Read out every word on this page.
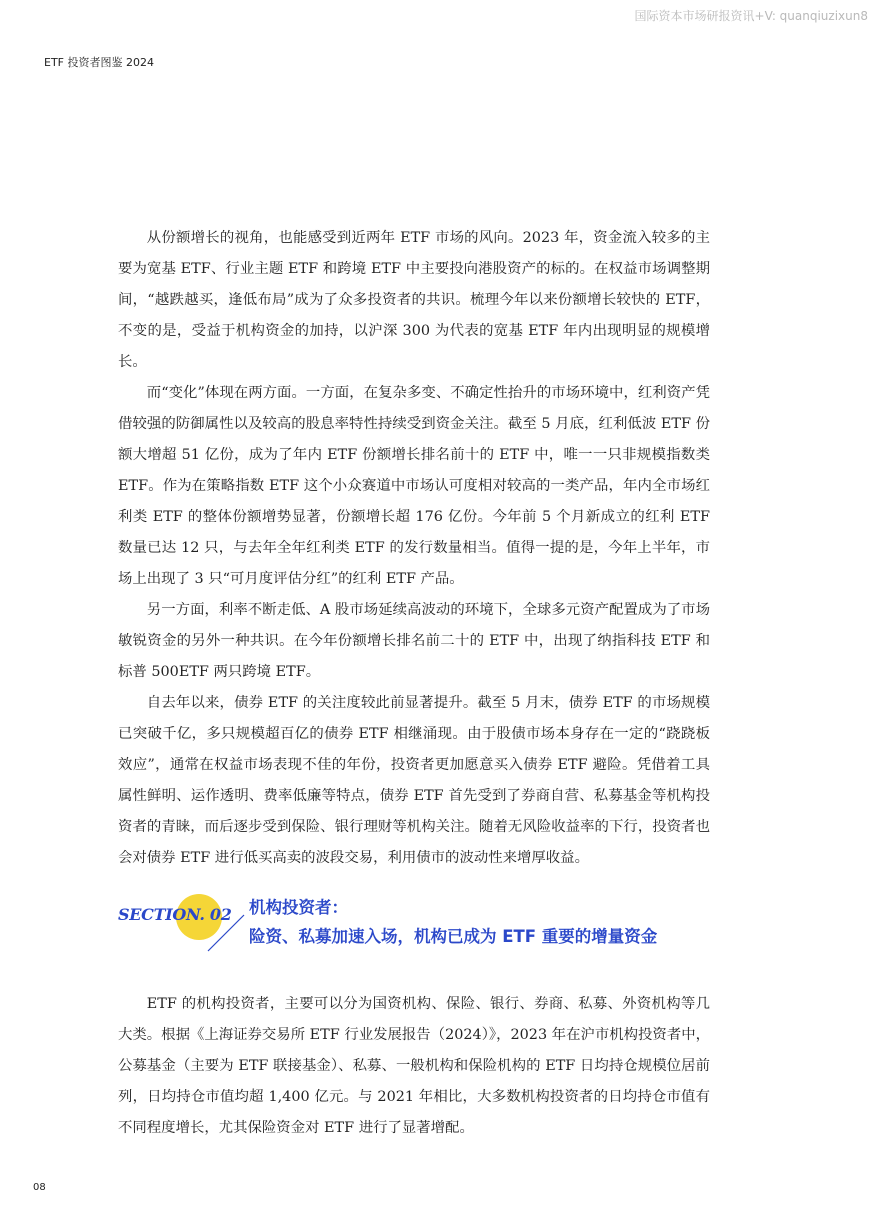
国际资本市场研报资讯+V: quanqiuzixun8
ETF 投资者图鉴 2024

从份额增长的视角，也能感受到近两年 ETF 市场的风向。2023 年，资金流入较多的主要为宽基 ETF、行业主题 ETF 和跨境 ETF 中主要投向港股资产的标的。在权益市场调整期间，“越跌越买，逢低布局”成为了众多投资者的共识。梳理今年以来份额增长较快的 ETF，不变的是，受益于机构资金的加持，以沪深 300 为代表的宽基 ETF 年内出现明显的规模增长。

而“变化”体现在两方面。一方面，在复杂多变、不确定性抬升的市场环境中，红利资产凭借较强的防御属性以及较高的股息率特性持续受到资金关注。截至 5 月底，红利低波 ETF 份额大增超 51 亿份，成为了年内 ETF 份额增长排名前十的 ETF 中，唯一一只非规模指数类 ETF。作为在策略指数 ETF 这个小众赛道中市场认可度相对较高的一类产品，年内全市场红利类 ETF 的整体份额增势显著，份额增长超 176 亿份。今年前 5 个月新成立的红利 ETF 数量已达 12 只，与去年全年红利类 ETF 的发行数量相当。值得一提的是，今年上半年，市场上出现了 3 只“可月度评估分红”的红利 ETF 产品。

另一方面，利率不断走低、A 股市场延续高波动的环境下，全球多元资产配置成为了市场敏锐资金的另外一种共识。在今年份额增长排名前二十的 ETF 中，出现了纳指科技 ETF 和标普 500ETF 两只跨境 ETF。

自去年以来，债券 ETF 的关注度较此前显著提升。截至 5 月末，债券 ETF 的市场规模已突破千亿，多只规模超百亿的债券 ETF 相继涌现。由于股债市场本身存在一定的“跷跷板效应”，通常在权益市场表现不佳的年份，投资者更加愿意买入债券 ETF 避险。凭借着工具属性鲜明、运作透明、费率低廉等特点，债券 ETF 首先受到了券商自营、私募基金等机构投资者的青睐，而后逐步受到保险、银行理财等机构关注。随着无风险收益率的下行，投资者也会对债券 ETF 进行低买高卖的波段交易，利用债市的波动性来增厚收益。

SECTION. 02 机构投资者：
险资、私募加速入场，机构已成为 ETF 重要的增量资金

ETF 的机构投资者，主要可以分为国资机构、保险、银行、券商、私募、外资机构等几大类。根据《上海证券交易所 ETF 行业发展报告（2024）》，2023 年在沪市机构投资者中，公募基金（主要为 ETF 联接基金）、私募、一般机构和保险机构的 ETF 日均持仓规模位居前列，日均持仓市值均超 1,400 亿元。与 2021 年相比，大多数机构投资者的日均持仓市值有不同程度增长，尤其保险资金对 ETF 进行了显著增配。

08
